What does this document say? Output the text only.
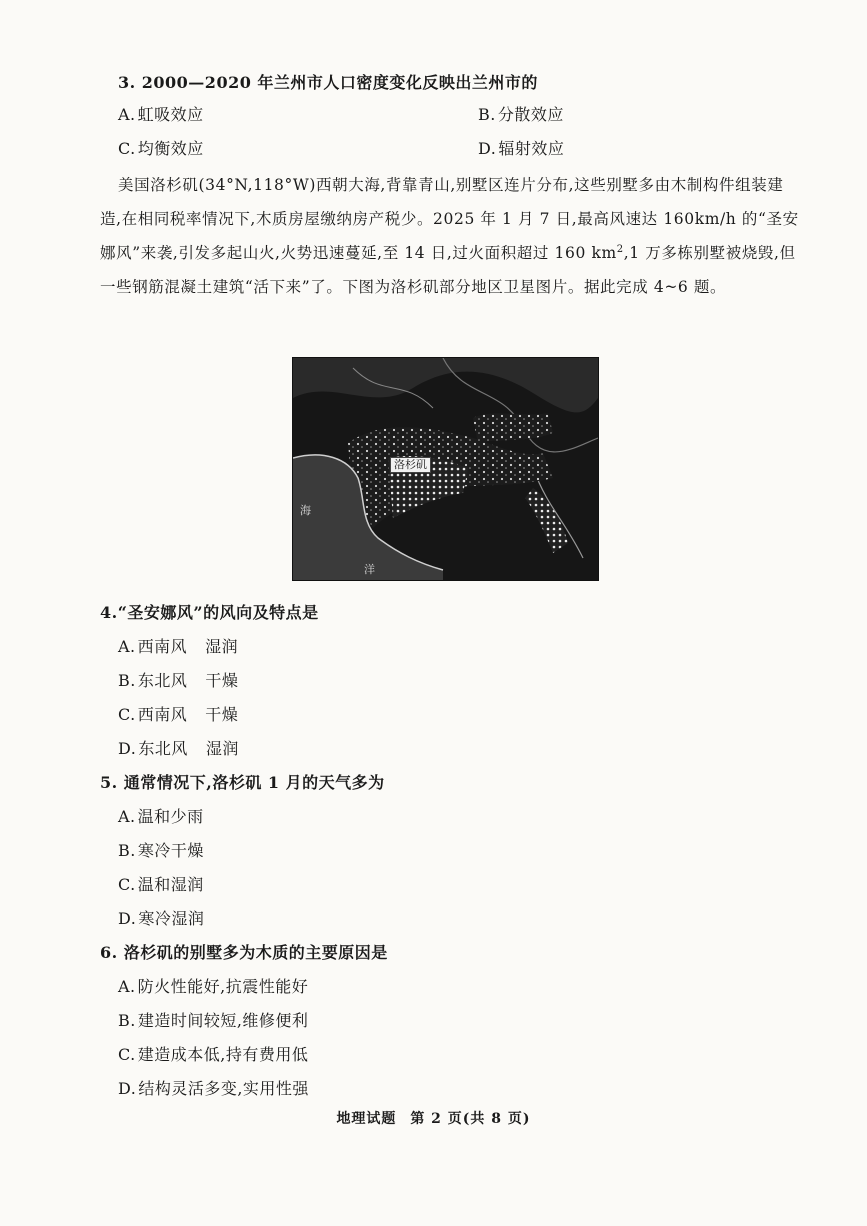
3. 2000—2020 年兰州市人口密度变化反映出兰州市的
A. 虹吸效应	B. 分散效应
C. 均衡效应	D. 辐射效应

美国洛杉矶(34°N,118°W)西朝大海,背靠青山,别墅区连片分布,这些别墅多由木制构件组装建造,在相同税率情况下,木质房屋缴纳房产税少。2025 年 1 月 7 日,最高风速达 160km/h 的“圣安娜风”来袭,引发多起山火,火势迅速蔓延,至 14 日,过火面积超过 160 $km^2,1$ 万多栋别墅被烧毁,但一些钢筋混凝土建筑“活下来”了。下图为洛杉矶部分地区卫星图片。据此完成 4~6 题。

洛杉矶
海
洋
4.“圣安娜风”的风向及特点是
A. 西南风 湿润
B. 东北风 干燥
C. 西南风 干燥
D. 东北风 湿润
5. 通常情况下,洛杉矶 1 月的天气多为
A. 温和少雨
B. 寒冷干燥
C. 温和湿润
D. 寒冷湿润
6. 洛杉矶的别墅多为木质的主要原因是
A. 防火性能好,抗震性能好
B. 建造时间较短,维修便利
C. 建造成本低,持有费用低
D. 结构灵活多变,实用性强
地理试题 第 2 页(共 8 页)
